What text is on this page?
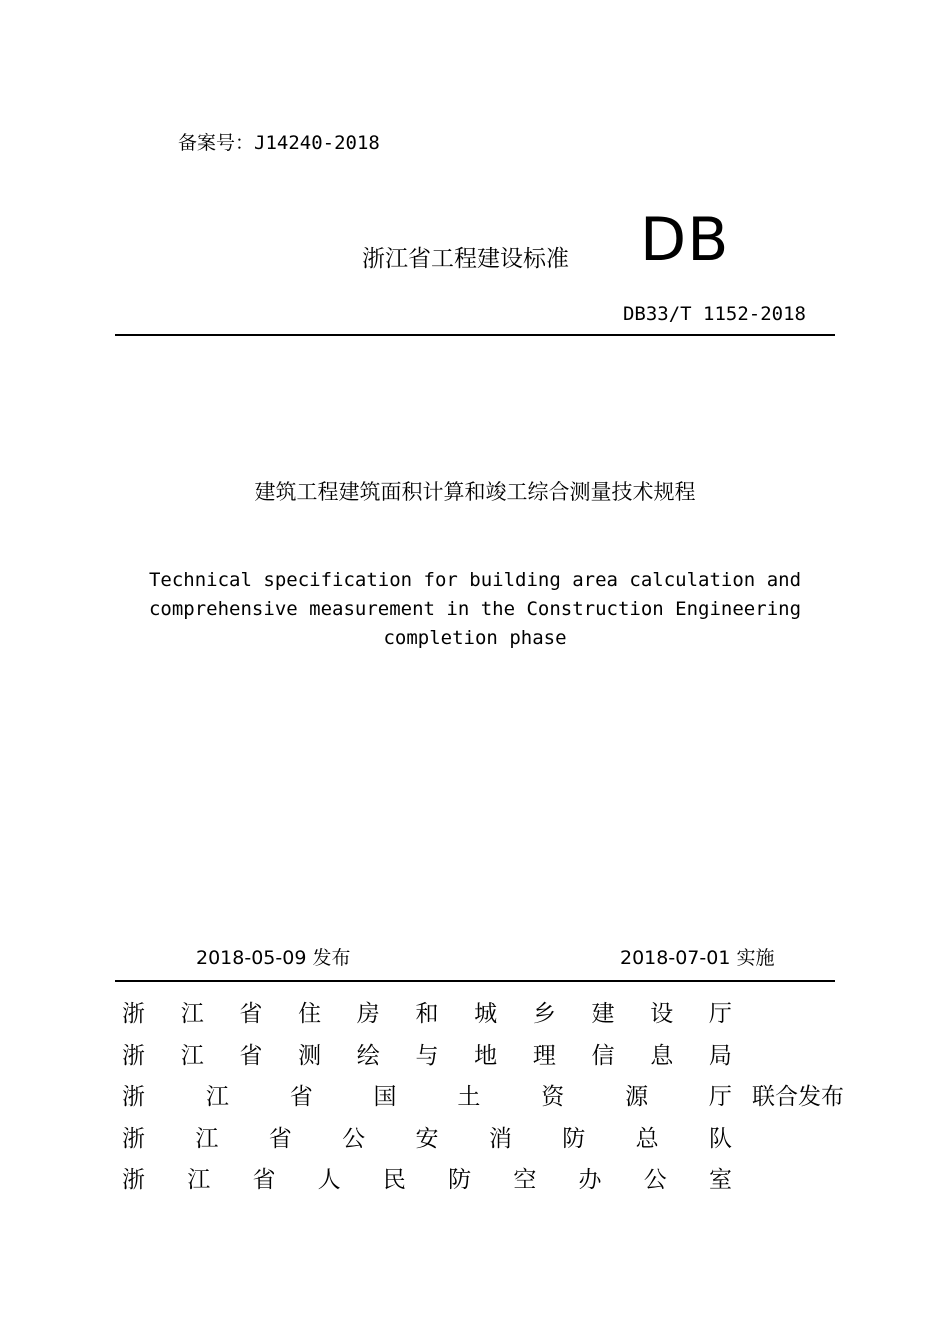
备案号：J14240-2018
浙江省工程建设标准 DB
DB33/T 1152-2018
建筑工程建筑面积计算和竣工综合测量技术规程
Technical specification for building area calculation and
comprehensive measurement in the Construction Engineering
completion phase
2018-05-09 发布	2018-07-01 实施
浙 江 省 住 房 和 城 乡 建 设 厅
浙 江 省 测 绘 与 地 理 信 息 局
浙	江	省	国	土	资	源	厅
浙 江 省 公 安 消 防 总 队
浙 江 省 人 民 防 空 办 公 室
联合发布
